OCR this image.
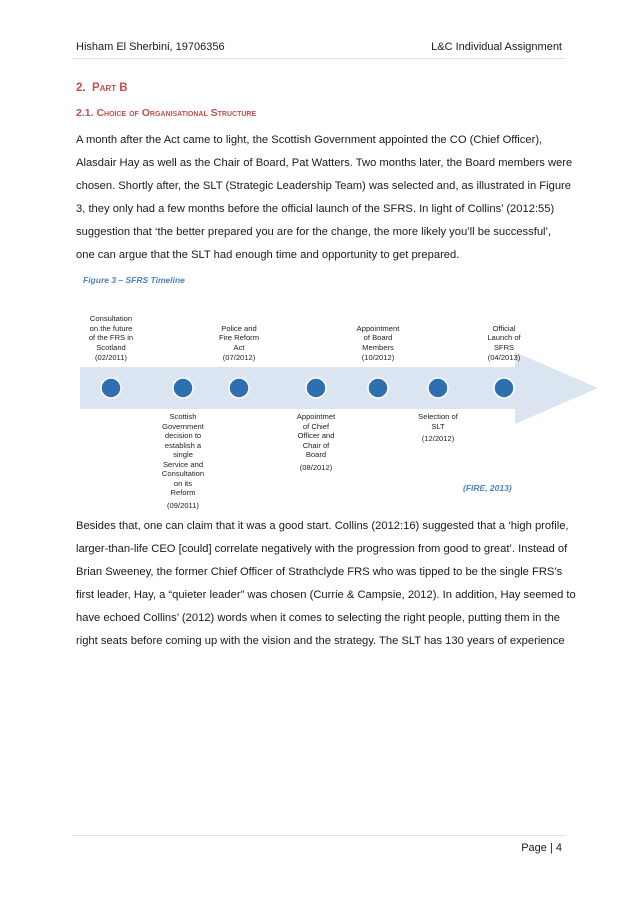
Hisham El Sherbini, 19706356	L&C Individual Assignment
2. Part B
2.1. Choice of Organisational Structure
A month after the Act came to light, the Scottish Government appointed the CO (Chief Officer),
Alasdair Hay as well as the Chair of Board, Pat Watters. Two months later, the Board members were
chosen. Shortly after, the SLT (Strategic Leadership Team) was selected and, as illustrated in Figure
3, they only had a few months before the official launch of the SFRS. In light of Collins’ (2012:55)
suggestion that ‘the better prepared you are for the change, the more likely you’ll be successful’,
one can argue that the SLT had enough time and opportunity to get prepared.
Figure 3 – SFRS Timeline
Consultation
on the future
of the FRS in
Scotland
(02/2011)
Police and
Fire Reform
Act
(07/2012)
Appointment
of Board
Members
(10/2012)
Official
Launch of
SFRS
(04/2013)
Scottish
Government
decision to
establish a
single
Service and
Consultation
on its
Reform
(09/2011)
Appointmet
of Chief
Officer and
Chair of
Board
(08/2012)
Selection of
SLT
(12/2012)
(FIRE, 2013)
Besides that, one can claim that it was a good start. Collins (2012:16) suggested that a ‘high profile,
larger-than-life CEO [could] correlate negatively with the progression from good to great’. Instead of
Brian Sweeney, the former Chief Officer of Strathclyde FRS who was tipped to be the single FRS’s
first leader, Hay, a “quieter leader” was chosen (Currie & Campsie, 2012). In addition, Hay seemed to
have echoed Collins’ (2012) words when it comes to selecting the right people, putting them in the
right seats before coming up with the vision and the strategy. The SLT has 130 years of experience
Page | 4
